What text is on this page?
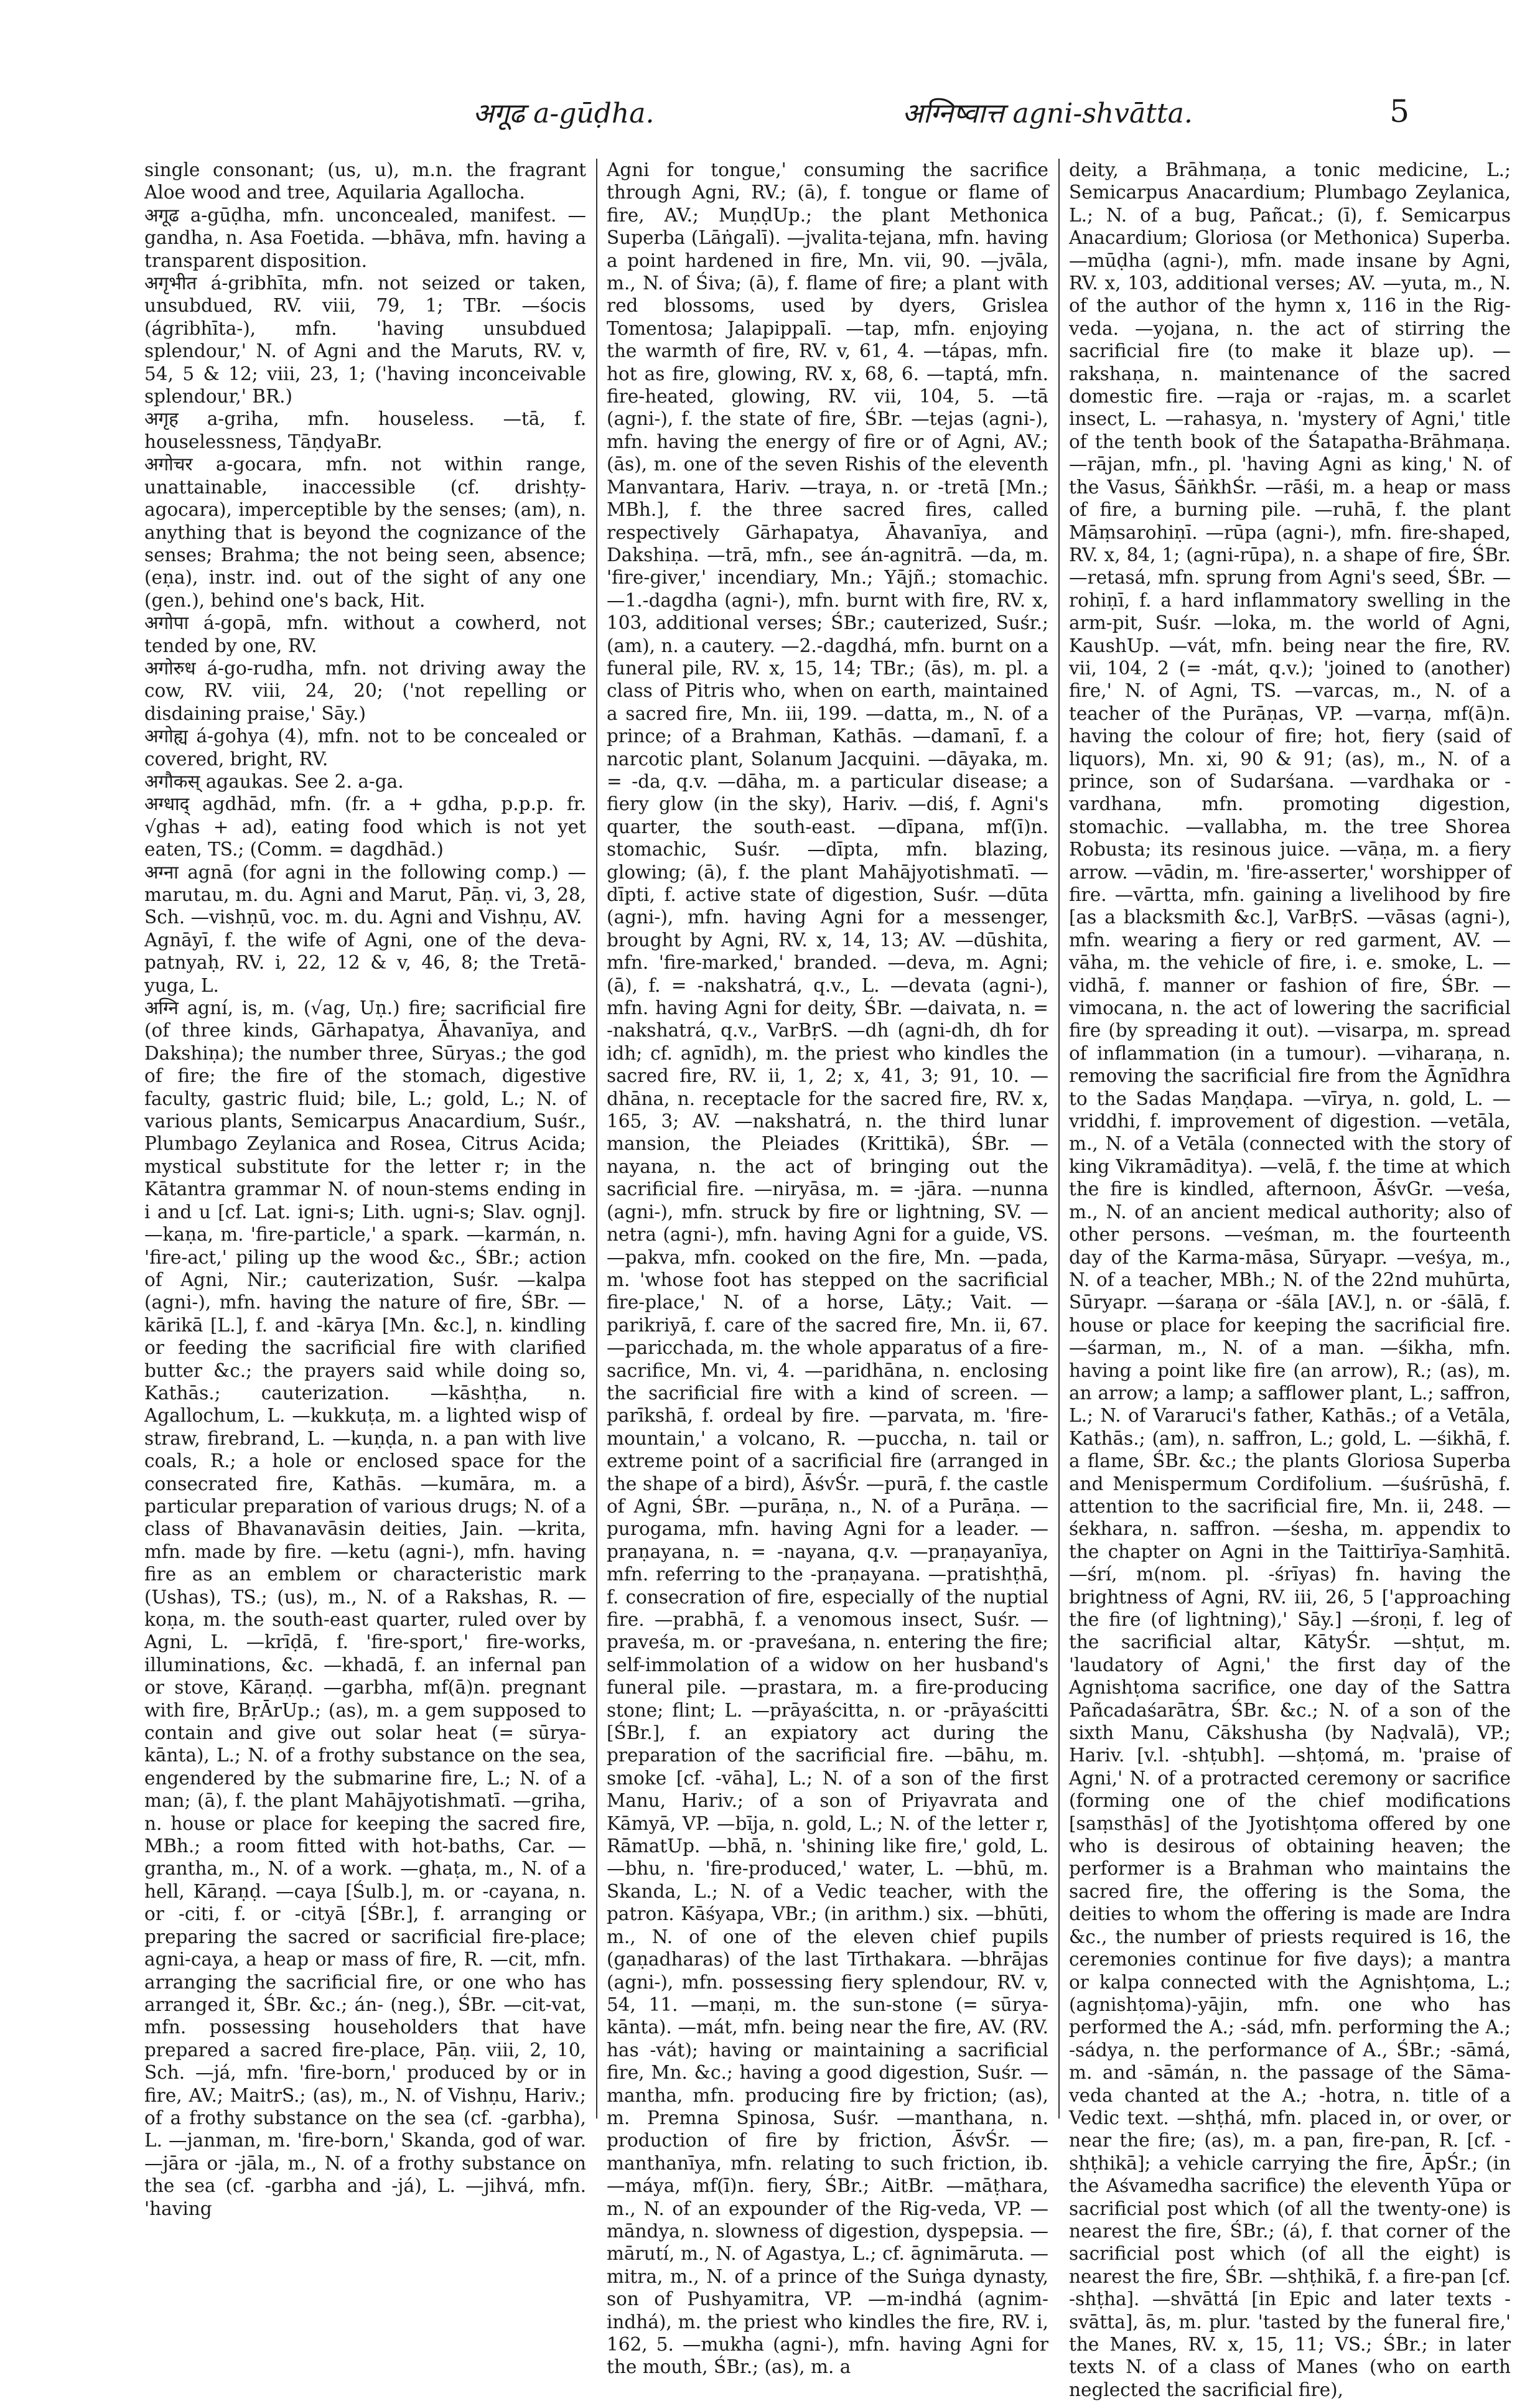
अगूढ a-gūḍha.	अग्निष्वात्त agni-shvātta.	5

single consonant; (us, u), m.n. the fragrant Aloe wood and tree, Aquilaria Agallocha.

अगूढ a-gūḍha, mfn. unconcealed, manifest. —gandha, n. Asa Foetida. —bhāva, mfn. having a transparent disposition.

अगृभीत á-gribhīta, mfn. not seized or taken, unsubdued, RV. viii, 79, 1; TBr. —śocis (ágribhīta-), mfn. 'having unsubdued splendour,' N. of Agni and the Maruts, RV. v, 54, 5 & 12; viii, 23, 1; ('having inconceivable splendour,' BR.)

अगृह a-griha, mfn. houseless. —tā, f. houselessness, TāṇḍyaBr.

अगोचर a-gocara, mfn. not within range, unattainable, inaccessible (cf. drishṭy-agocara), imperceptible by the senses; (am), n. anything that is beyond the cognizance of the senses; Brahma; the not being seen, absence; (eṇa), instr. ind. out of the sight of any one (gen.), behind one's back, Hit.

अगोपा á-gopā, mfn. without a cowherd, not tended by one, RV.

अगोरुध á-go-rudha, mfn. not driving away the cow, RV. viii, 24, 20; ('not repelling or disdaining praise,' Sāy.)

अगोह्य á-gohya (4), mfn. not to be concealed or covered, bright, RV.

अगौकस् agaukas. See 2. a-ga.

अग्धाद् agdhād, mfn. (fr. a + gdha, p.p.p. fr. √ghas + ad), eating food which is not yet eaten, TS.; (Comm. = dagdhād.)

अग्ना agnā (for agni in the following comp.) —marutau, m. du. Agni and Marut, Pāṇ. vi, 3, 28, Sch. —vishṇū, voc. m. du. Agni and Vishṇu, AV.

Agnāyī, f. the wife of Agni, one of the deva-patnyaḥ, RV. i, 22, 12 & v, 46, 8; the Tretā-yuga, L.

अग्नि agní, is, m. (√ag, Uṇ.) fire; sacrificial fire (of three kinds, Gārhapatya, Āhavanīya, and Dakshiṇa); the number three, Sūryas.; the god of fire; the fire of the stomach, digestive faculty, gastric fluid; bile, L.; gold, L.; N. of various plants, Semicarpus Anacardium, Suśr., Plumbago Zeylanica and Rosea, Citrus Acida; mystical substitute for the letter r; in the Kātantra grammar N. of noun-stems ending in i and u [cf. Lat. igni-s; Lith. ugni-s; Slav. ognj]. —kaṇa, m. 'fire-particle,' a spark. —karmán, n. 'fire-act,' piling up the wood &c., ŚBr.; action of Agni, Nir.; cauterization, Suśr. —kalpa (agni-), mfn. having the nature of fire, ŚBr. —kārikā [L.], f. and -kārya [Mn. &c.], n. kindling or feeding the sacrificial fire with clarified butter &c.; the prayers said while doing so, Kathās.; cauterization. —kāshṭha, n. Agallochum, L. —kukkuṭa, m. a lighted wisp of straw, firebrand, L. —kuṇḍa, n. a pan with live coals, R.; a hole or enclosed space for the consecrated fire, Kathās. —kumāra, m. a particular preparation of various drugs; N. of a class of Bhavanavāsin deities, Jain. —krita, mfn. made by fire. —ketu (agni-), mfn. having fire as an emblem or characteristic mark (Ushas), TS.; (us), m., N. of a Rakshas, R. —koṇa, m. the south-east quarter, ruled over by Agni, L. —krīḍā, f. 'fire-sport,' fire-works, illuminations, &c. —khadā, f. an infernal pan or stove, Kāraṇḍ. —garbha, mf(ā)n. pregnant with fire, BṛĀrUp.; (as), m. a gem supposed to contain and give out solar heat (= sūrya-kānta), L.; N. of a frothy substance on the sea, engendered by the submarine fire, L.; N. of a man; (ā), f. the plant Mahājyotishmatī. —griha, n. house or place for keeping the sacred fire, MBh.; a room fitted with hot-baths, Car. —grantha, m., N. of a work. —ghaṭa, m., N. of a hell, Kāraṇḍ. —caya [Śulb.], m. or -cayana, n. or -citi, f. or -cityā [ŚBr.], f. arranging or preparing the sacred or sacrificial fire-place; agni-caya, a heap or mass of fire, R. —cit, mfn. arranging the sacrificial fire, or one who has arranged it, ŚBr. &c.; án- (neg.), ŚBr. —cit-vat, mfn. possessing householders that have prepared a sacred fire-place, Pāṇ. viii, 2, 10, Sch. —já, mfn. 'fire-born,' produced by or in fire, AV.; MaitrS.; (as), m., N. of Vishṇu, Hariv.; of a frothy substance on the sea (cf. -garbha), L. —janman, m. 'fire-born,' Skanda, god of war. —jāra or -jāla, m., N. of a frothy substance on the sea (cf. -garbha and -já), L. —jihvá, mfn. 'having

Agni for tongue,' consuming the sacrifice through Agni, RV.; (ā), f. tongue or flame of fire, AV.; MuṇḍUp.; the plant Methonica Superba (Lāṅgalī). —jvalita-tejana, mfn. having a point hardened in fire, Mn. vii, 90. —jvāla, m., N. of Śiva; (ā), f. flame of fire; a plant with red blossoms, used by dyers, Grislea Tomentosa; Jalapippalī. —tap, mfn. enjoying the warmth of fire, RV. v, 61, 4. —tápas, mfn. hot as fire, glowing, RV. x, 68, 6. —taptá, mfn. fire-heated, glowing, RV. vii, 104, 5. —tā (agni-), f. the state of fire, ŚBr. —tejas (agni-), mfn. having the energy of fire or of Agni, AV.; (ās), m. one of the seven Rishis of the eleventh Manvantara, Hariv. —traya, n. or -tretā [Mn.; MBh.], f. the three sacred fires, called respectively Gārhapatya, Āhavanīya, and Dakshiṇa. —trā, mfn., see án-agnitrā. —da, m. 'fire-giver,' incendiary, Mn.; Yājñ.; stomachic. —1.-dagdha (agni-), mfn. burnt with fire, RV. x, 103, additional verses; ŚBr.; cauterized, Suśr.; (am), n. a cautery. —2.-dagdhá, mfn. burnt on a funeral pile, RV. x, 15, 14; TBr.; (ās), m. pl. a class of Pitris who, when on earth, maintained a sacred fire, Mn. iii, 199. —datta, m., N. of a prince; of a Brahman, Kathās. —damanī, f. a narcotic plant, Solanum Jacquini. —dāyaka, m. = -da, q.v. —dāha, m. a particular disease; a fiery glow (in the sky), Hariv. —diś, f. Agni's quarter, the south-east. —dīpana, mf(ī)n. stomachic, Suśr. —dīpta, mfn. blazing, glowing; (ā), f. the plant Mahājyotishmatī. —dīpti, f. active state of digestion, Suśr. —dūta (agni-), mfn. having Agni for a messenger, brought by Agni, RV. x, 14, 13; AV. —dūshita, mfn. 'fire-marked,' branded. —deva, m. Agni; (ā), f. = -nakshatrá, q.v., L. —devata (agni-), mfn. having Agni for deity, ŚBr. —daivata, n. = -nakshatrá, q.v., VarBṛS. —dh (agni-dh, dh for idh; cf. agnīdh), m. the priest who kindles the sacred fire, RV. ii, 1, 2; x, 41, 3; 91, 10. —dhāna, n. receptacle for the sacred fire, RV. x, 165, 3; AV. —nakshatrá, n. the third lunar mansion, the Pleiades (Krittikā), ŚBr. —nayana, n. the act of bringing out the sacrificial fire. —niryāsa, m. = -jāra. —nunna (agni-), mfn. struck by fire or lightning, SV. —netra (agni-), mfn. having Agni for a guide, VS. —pakva, mfn. cooked on the fire, Mn. —pada, m. 'whose foot has stepped on the sacrificial fire-place,' N. of a horse, Lāṭy.; Vait. —parikriyā, f. care of the sacred fire, Mn. ii, 67. —paricchada, m. the whole apparatus of a fire-sacrifice, Mn. vi, 4. —paridhāna, n. enclosing the sacrificial fire with a kind of screen. —parīkshā, f. ordeal by fire. —parvata, m. 'fire-mountain,' a volcano, R. —puccha, n. tail or extreme point of a sacrificial fire (arranged in the shape of a bird), ĀśvŚr. —purā, f. the castle of Agni, ŚBr. —purāṇa, n., N. of a Purāṇa. —purogama, mfn. having Agni for a leader. —praṇayana, n. = -nayana, q.v. —praṇayanīya, mfn. referring to the -praṇayana. —pratishṭhā, f. consecration of fire, especially of the nuptial fire. —prabhā, f. a venomous insect, Suśr. —praveśa, m. or -praveśana, n. entering the fire; self-immolation of a widow on her husband's funeral pile. —prastara, m. a fire-producing stone; flint; L. —prāyaścitta, n. or -prāyaścitti [ŚBr.], f. an expiatory act during the preparation of the sacrificial fire. —bāhu, m. smoke [cf. -vāha], L.; N. of a son of the first Manu, Hariv.; of a son of Priyavrata and Kāmyā, VP. —bīja, n. gold, L.; N. of the letter r, RāmatUp. —bhā, n. 'shining like fire,' gold, L. —bhu, n. 'fire-produced,' water, L. —bhū, m. Skanda, L.; N. of a Vedic teacher, with the patron. Kāśyapa, VBr.; (in arithm.) six. —bhūti, m., N. of one of the eleven chief pupils (gaṇadharas) of the last Tīrthakara. —bhrājas (agni-), mfn. possessing fiery splendour, RV. v, 54, 11. —maṇi, m. the sun-stone (= sūrya-kānta). —mát, mfn. being near the fire, AV. (RV. has -vát); having or maintaining a sacrificial fire, Mn. &c.; having a good digestion, Suśr. —mantha, mfn. producing fire by friction; (as), m. Premna Spinosa, Suśr. —manthana, n. production of fire by friction, ĀśvŚr. —manthanīya, mfn. relating to such friction, ib. —máya, mf(ī)n. fiery, ŚBr.; AitBr. —māṭhara, m., N. of an expounder of the Rig-veda, VP. —māndya, n. slowness of digestion, dyspepsia. —mārutí, m., N. of Agastya, L.; cf. āgnimāruta. —mitra, m., N. of a prince of the Suṅga dynasty, son of Pushyamitra, VP. —m-indhá (agnim-indhá), m. the priest who kindles the fire, RV. i, 162, 5. —mukha (agni-), mfn. having Agni for the mouth, ŚBr.; (as), m. a

deity, a Brāhmaṇa, a tonic medicine, L.; Semicarpus Anacardium; Plumbago Zeylanica, L.; N. of a bug, Pañcat.; (ī), f. Semicarpus Anacardium; Gloriosa (or Methonica) Superba. —mūḍha (agni-), mfn. made insane by Agni, RV. x, 103, additional verses; AV. —yuta, m., N. of the author of the hymn x, 116 in the Rig-veda. —yojana, n. the act of stirring the sacrificial fire (to make it blaze up). —rakshaṇa, n. maintenance of the sacred domestic fire. —raja or -rajas, m. a scarlet insect, L. —rahasya, n. 'mystery of Agni,' title of the tenth book of the Śatapatha-Brāhmaṇa. —rājan, mfn., pl. 'having Agni as king,' N. of the Vasus, ŚāṅkhŚr. —rāśi, m. a heap or mass of fire, a burning pile. —ruhā, f. the plant Māṃsarohiṇī. —rūpa (agni-), mfn. fire-shaped, RV. x, 84, 1; (agni-rūpa), n. a shape of fire, ŚBr. —retasá, mfn. sprung from Agni's seed, ŚBr. —rohiṇī, f. a hard inflammatory swelling in the arm-pit, Suśr. —loka, m. the world of Agni, KaushUp. —vát, mfn. being near the fire, RV. vii, 104, 2 (= -mát, q.v.); 'joined to (another) fire,' N. of Agni, TS. —varcas, m., N. of a teacher of the Purāṇas, VP. —varṇa, mf(ā)n. having the colour of fire; hot, fiery (said of liquors), Mn. xi, 90 & 91; (as), m., N. of a prince, son of Sudarśana. —vardhaka or -vardhana, mfn. promoting digestion, stomachic. —vallabha, m. the tree Shorea Robusta; its resinous juice. —vāṇa, m. a fiery arrow. —vādin, m. 'fire-asserter,' worshipper of fire. —vārtta, mfn. gaining a livelihood by fire [as a blacksmith &c.], VarBṛS. —vāsas (agni-), mfn. wearing a fiery or red garment, AV. —vāha, m. the vehicle of fire, i. e. smoke, L. —vidhā, f. manner or fashion of fire, ŚBr. —vimocana, n. the act of lowering the sacrificial fire (by spreading it out). —visarpa, m. spread of inflammation (in a tumour). —viharaṇa, n. removing the sacrificial fire from the Āgnīdhra to the Sadas Maṇḍapa. —vīrya, n. gold, L. —vriddhi, f. improvement of digestion. —vetāla, m., N. of a Vetāla (connected with the story of king Vikramāditya). —velā, f. the time at which the fire is kindled, afternoon, ĀśvGr. —veśa, m., N. of an ancient medical authority; also of other persons. —veśman, m. the fourteenth day of the Karma-māsa, Sūryapr. —veśya, m., N. of a teacher, MBh.; N. of the 22nd muhūrta, Sūryapr. —śaraṇa or -śāla [AV.], n. or -śālā, f. house or place for keeping the sacrificial fire. —śarman, m., N. of a man. —śikha, mfn. having a point like fire (an arrow), R.; (as), m. an arrow; a lamp; a safflower plant, L.; saffron, L.; N. of Vararuci's father, Kathās.; of a Vetāla, Kathās.; (am), n. saffron, L.; gold, L. —śikhā, f. a flame, ŚBr. &c.; the plants Gloriosa Superba and Menispermum Cordifolium. —śuśrūshā, f. attention to the sacrificial fire, Mn. ii, 248. —śekhara, n. saffron. —śesha, m. appendix to the chapter on Agni in the Taittirīya-Saṃhitā. —śrí, m(nom. pl. -śrīyas) fn. having the brightness of Agni, RV. iii, 26, 5 ['approaching the fire (of lightning),' Sāy.] —śroṇi, f. leg of the sacrificial altar, KātyŚr. —shṭut, m. 'laudatory of Agni,' the first day of the Agnishṭoma sacrifice, one day of the Sattra Pañcadaśarātra, ŚBr. &c.; N. of a son of the sixth Manu, Cākshusha (by Naḍvalā), VP.; Hariv. [v.l. -shṭubh]. —shṭomá, m. 'praise of Agni,' N. of a protracted ceremony or sacrifice (forming one of the chief modifications [saṃsthās] of the Jyotishṭoma offered by one who is desirous of obtaining heaven; the performer is a Brahman who maintains the sacred fire, the offering is the Soma, the deities to whom the offering is made are Indra &c., the number of priests required is 16, the ceremonies continue for five days); a mantra or kalpa connected with the Agnishṭoma, L.; (agnishṭoma)-yājin, mfn. one who has performed the A.; -sád, mfn. performing the A.; -sádya, n. the performance of A., ŚBr.; -sāmá, m. and -sāmán, n. the passage of the Sāma-veda chanted at the A.; -hotra, n. title of a Vedic text. —shṭhá, mfn. placed in, or over, or near the fire; (as), m. a pan, fire-pan, R. [cf. -shṭhikā]; a vehicle carrying the fire, ĀpŚr.; (in the Aśvamedha sacrifice) the eleventh Yūpa or sacrificial post which (of all the twenty-one) is nearest the fire, ŚBr.; (á), f. that corner of the sacrificial post which (of all the eight) is nearest the fire, ŚBr. —shṭhikā, f. a fire-pan [cf. -shṭha]. —shvāttá [in Epic and later texts -svātta], ās, m. plur. 'tasted by the funeral fire,' the Manes, RV. x, 15, 11; VS.; ŚBr.; in later texts N. of a class of Manes (who on earth neglected the sacrificial fire),
